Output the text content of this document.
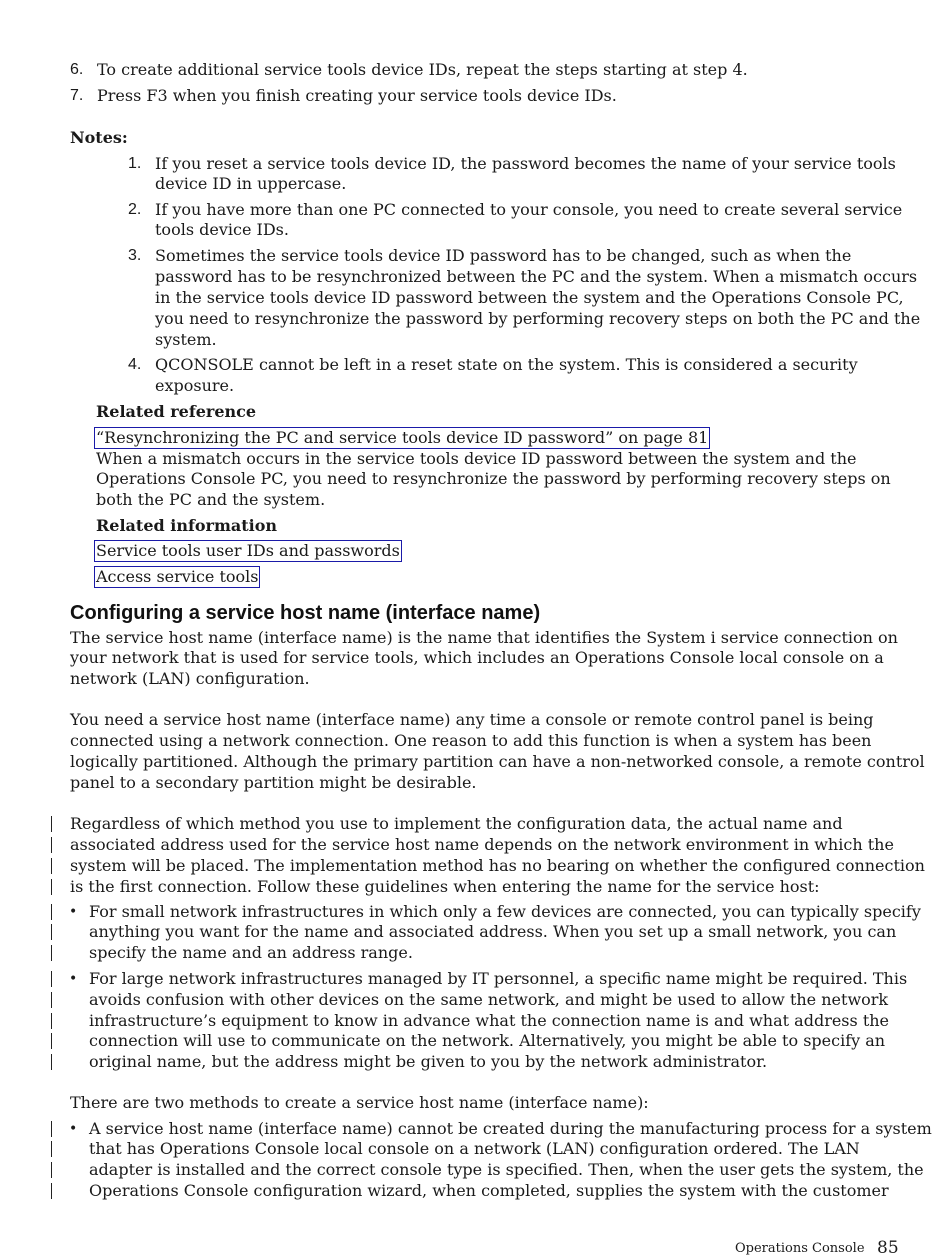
6. To create additional service tools device IDs, repeat the steps starting at step 4.
7. Press F3 when you finish creating your service tools device IDs.
Notes:
1. If you reset a service tools device ID, the password becomes the name of your service tools
device ID in uppercase.
2. If you have more than one PC connected to your console, you need to create several service
tools device IDs.
3. Sometimes the service tools device ID password has to be changed, such as when the
password has to be resynchronized between the PC and the system. When a mismatch occurs
in the service tools device ID password between the system and the Operations Console PC,
you need to resynchronize the password by performing recovery steps on both the PC and the
system.
4. QCONSOLE cannot be left in a reset state on the system. This is considered a security
exposure.
Related reference
“Resynchronizing the PC and service tools device ID password” on page 81
When a mismatch occurs in the service tools device ID password between the system and the
Operations Console PC, you need to resynchronize the password by performing recovery steps on
both the PC and the system.
Related information
Service tools user IDs and passwords
Access service tools
Configuring a service host name (interface name)
The service host name (interface name) is the name that identifies the System i service connection on
your network that is used for service tools, which includes an Operations Console local console on a
network (LAN) configuration.
You need a service host name (interface name) any time a console or remote control panel is being
connected using a network connection. One reason to add this function is when a system has been
logically partitioned. Although the primary partition can have a non-networked console, a remote control
panel to a secondary partition might be desirable.
Regardless of which method you use to implement the configuration data, the actual name and
associated address used for the service host name depends on the network environment in which the
system will be placed. The implementation method has no bearing on whether the configured connection
is the first connection. Follow these guidelines when entering the name for the service host:
• For small network infrastructures in which only a few devices are connected, you can typically specify
anything you want for the name and associated address. When you set up a small network, you can
specify the name and an address range.
• For large network infrastructures managed by IT personnel, a specific name might be required. This
avoids confusion with other devices on the same network, and might be used to allow the network
infrastructure’s equipment to know in advance what the connection name is and what address the
connection will use to communicate on the network. Alternatively, you might be able to specify an
original name, but the address might be given to you by the network administrator.
There are two methods to create a service host name (interface name):
• A service host name (interface name) cannot be created during the manufacturing process for a system
that has Operations Console local console on a network (LAN) configuration ordered. The LAN
adapter is installed and the correct console type is specified. Then, when the user gets the system, the
Operations Console configuration wizard, when completed, supplies the system with the customer
Operations Console 85
